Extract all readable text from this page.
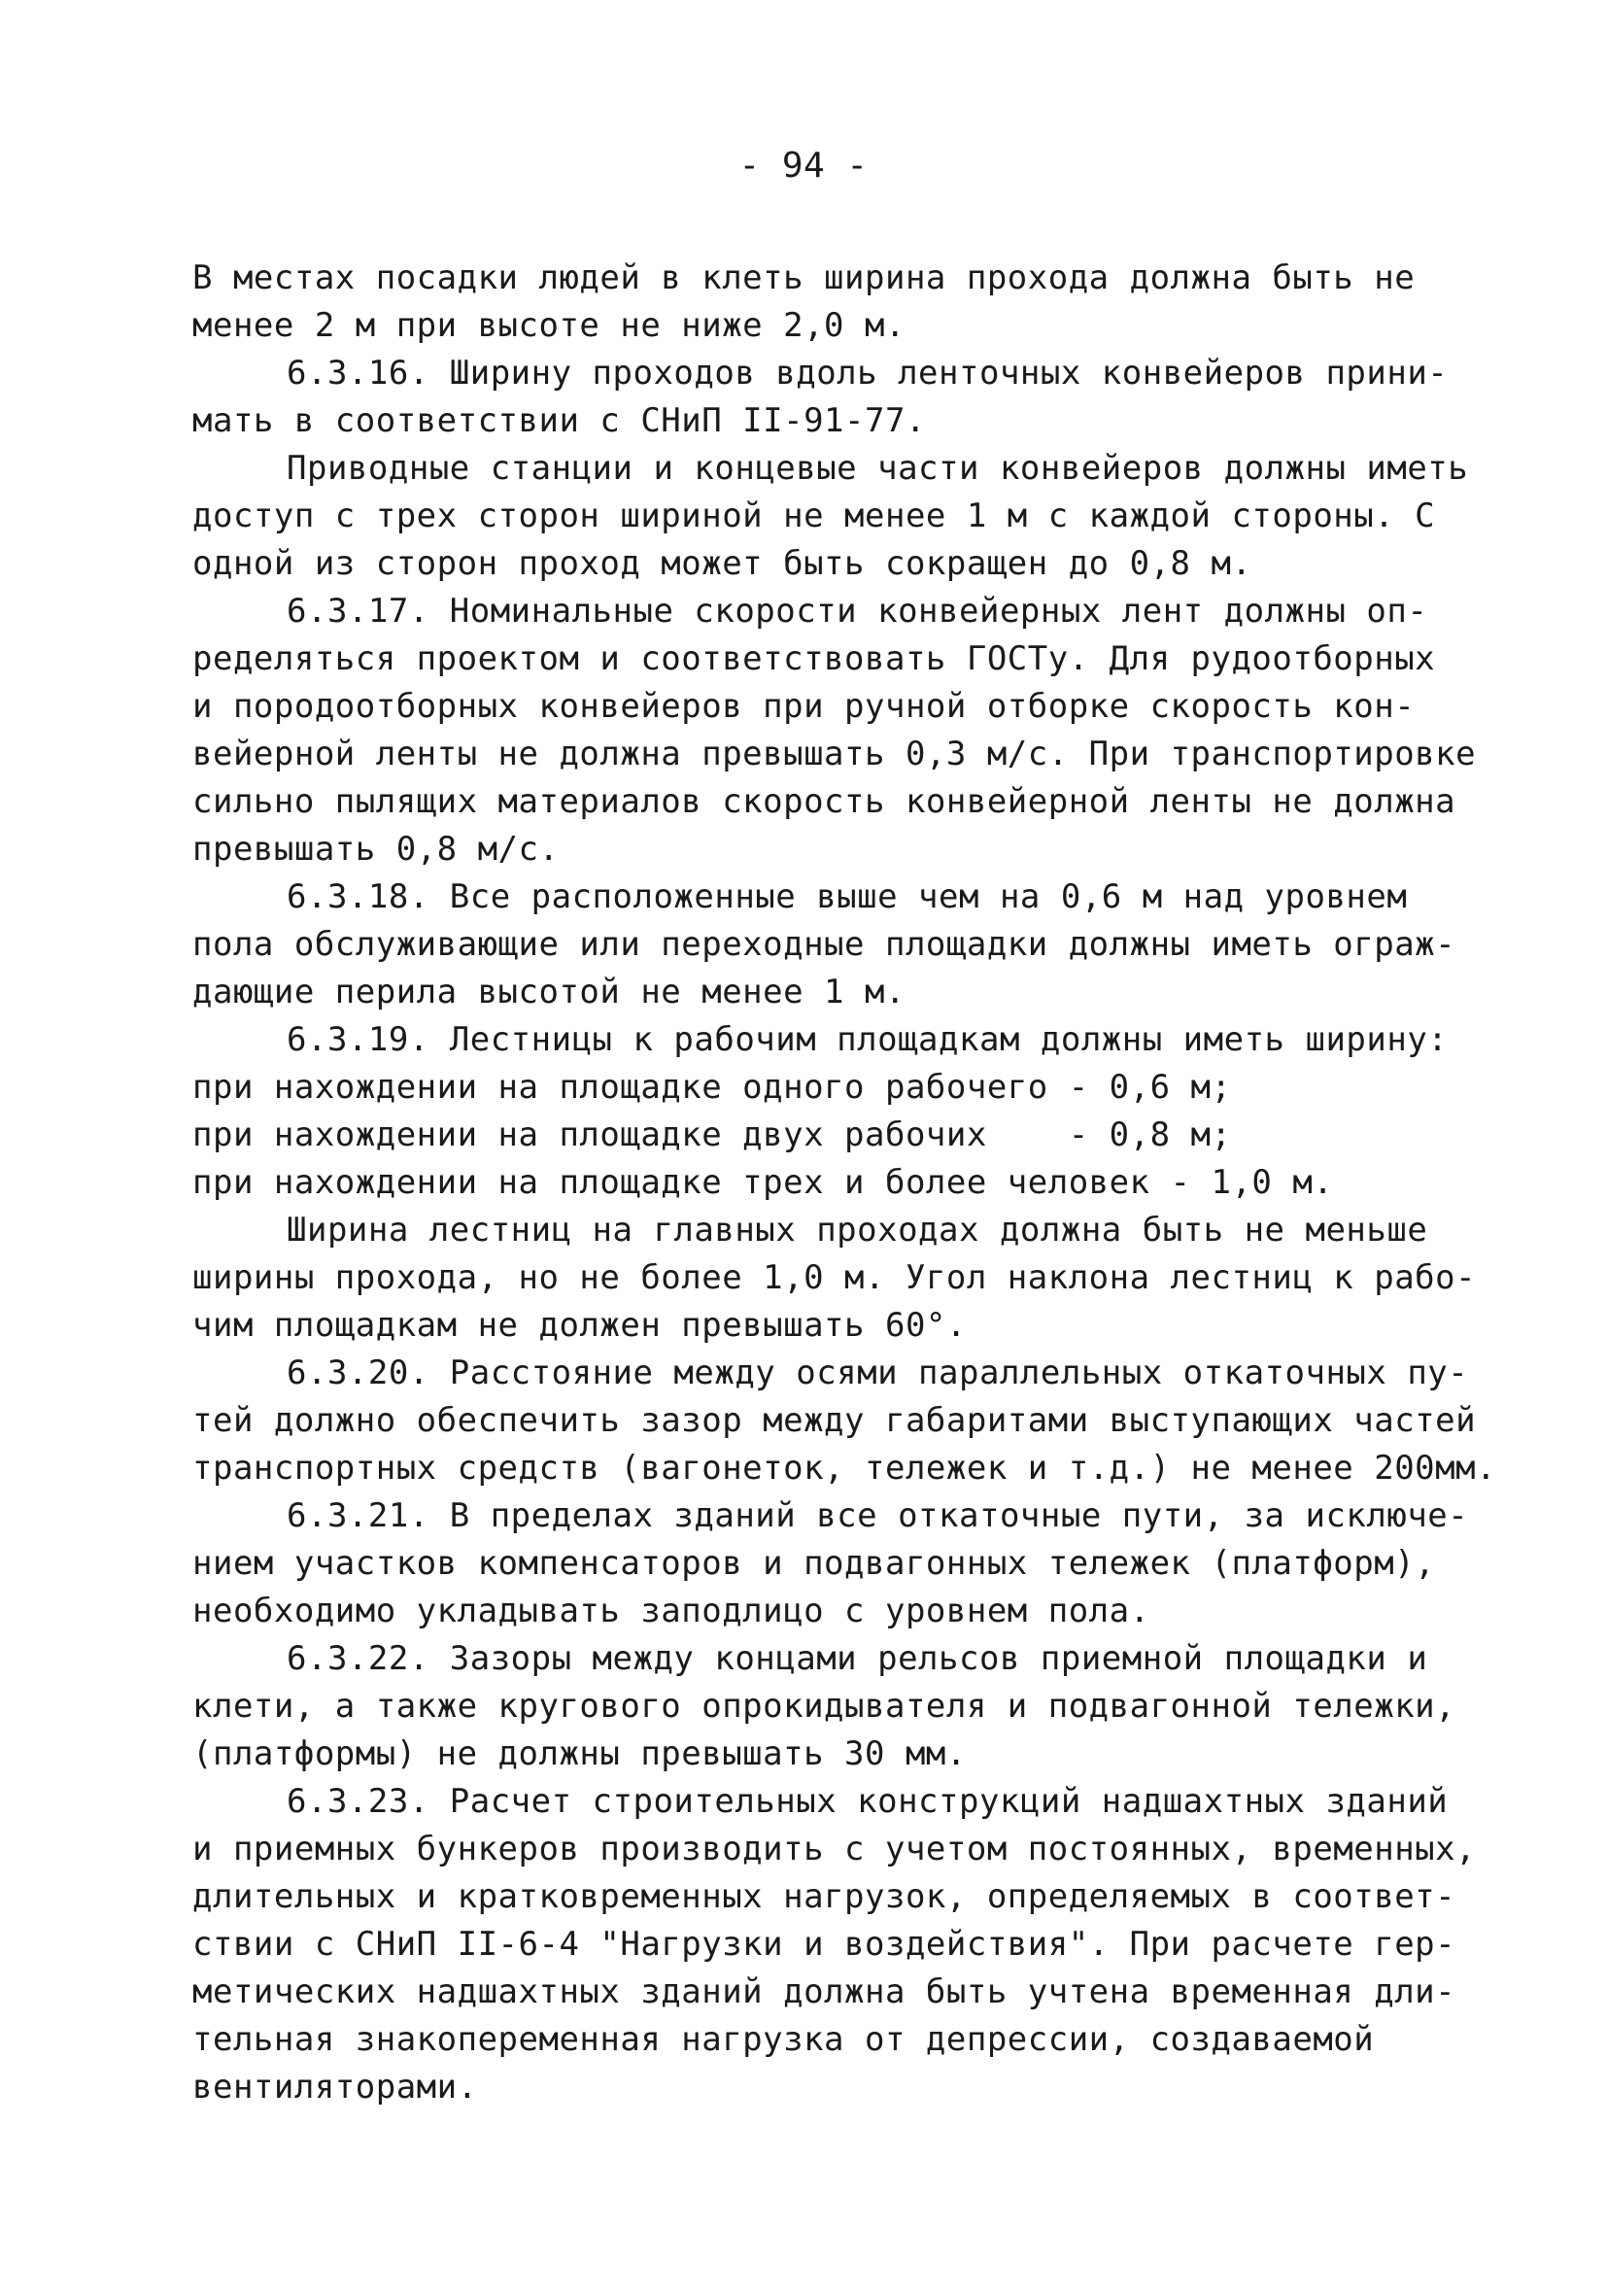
- 94 -
В местах посадки людей в клеть ширина прохода должна быть не
менее 2 м при высоте не ниже 2,0 м.
6.3.16. Ширину проходов вдоль ленточных конвейеров прини-
мать в соответствии с СНиП II-91-77.
Приводные станции и концевые части конвейеров должны иметь
доступ с трех сторон шириной не менее 1 м с каждой стороны. С
одной из сторон проход может быть сокращен до 0,8 м.
6.3.17. Номинальные скорости конвейерных лент должны оп-
ределяться проектом и соответствовать ГОСТу. Для рудоотборных
и породоотборных конвейеров при ручной отборке скорость кон-
вейерной ленты не должна превышать 0,3 м/с. При транспортировке
сильно пылящих материалов скорость конвейерной ленты не должна
превышать 0,8 м/с.
6.3.18. Все расположенные выше чем на 0,6 м над уровнем
пола обслуживающие или переходные площадки должны иметь ограж-
дающие перила высотой не менее 1 м.
6.3.19. Лестницы к рабочим площадкам должны иметь ширину:
при нахождении на площадке одного рабочего - 0,6 м;
при нахождении на площадке двух рабочих    - 0,8 м;
при нахождении на площадке трех и более человек - 1,0 м.
Ширина лестниц на главных проходах должна быть не меньше
ширины прохода, но не более 1,0 м. Угол наклона лестниц к рабо-
чим площадкам не должен превышать 60°.
6.3.20. Расстояние между осями параллельных откаточных пу-
тей должно обеспечить зазор между габаритами выступающих частей
транспортных средств (вагонеток, тележек и т.д.) не менее 200мм.
6.3.21. В пределах зданий все откаточные пути, за исключе-
нием участков компенсаторов и подвагонных тележек (платформ),
необходимо укладывать заподлицо с уровнем пола.
6.3.22. Зазоры между концами рельсов приемной площадки и
клети, а также кругового опрокидывателя и подвагонной тележки,
(платформы) не должны превышать 30 мм.
6.3.23. Расчет строительных конструкций надшахтных зданий
и приемных бункеров производить с учетом постоянных, временных,
длительных и кратковременных нагрузок, определяемых в соответ-
ствии с СНиП II-6-4 "Нагрузки и воздействия". При расчете гер-
метических надшахтных зданий должна быть учтена временная дли-
тельная знакопеременная нагрузка от депрессии, создаваемой
вентиляторами.
